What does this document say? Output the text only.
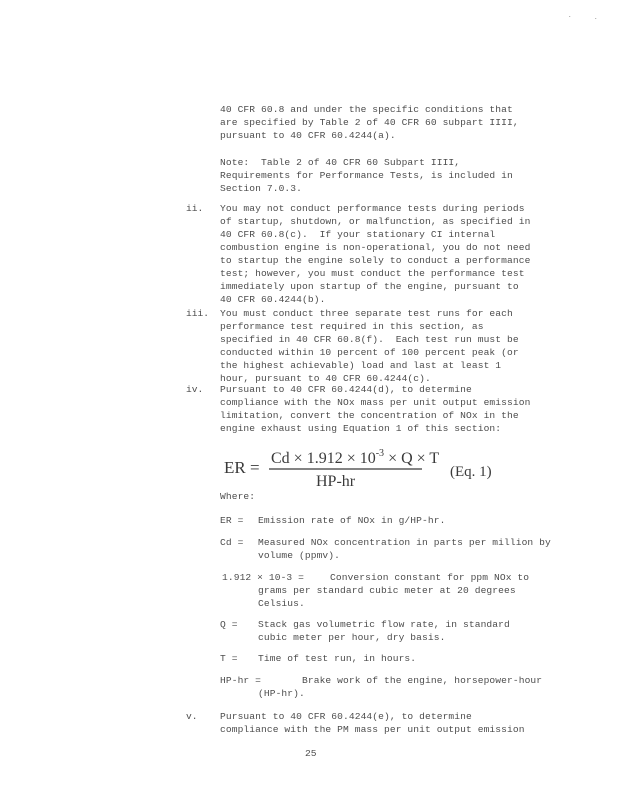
.	.
40 CFR 60.8 and under the specific conditions that
are specified by Table 2 of 40 CFR 60 subpart IIII,
pursuant to 40 CFR 60.4244(a).
Note:  Table 2 of 40 CFR 60 Subpart IIII,
Requirements for Performance Tests, is included in
Section 7.0.3.
ii. You may not conduct performance tests during periods
of startup, shutdown, or malfunction, as specified in
40 CFR 60.8(c).  If your stationary CI internal
combustion engine is non-operational, you do not need
to startup the engine solely to conduct a performance
test; however, you must conduct the performance test
immediately upon startup of the engine, pursuant to
40 CFR 60.4244(b).
iii. You must conduct three separate test runs for each
performance test required in this section, as
specified in 40 CFR 60.8(f).  Each test run must be
conducted within 10 percent of 100 percent peak (or
the highest achievable) load and last at least 1
hour, pursuant to 40 CFR 60.4244(c).
iv. Pursuant to 40 CFR 60.4244(d), to determine
compliance with the NOx mass per unit output emission
limitation, convert the concentration of NOx in the
engine exhaust using Equation 1 of this section:
ER = $Cd \times 1.912 \times 10^{-3} \times Q \times T$
HP-hr
(Eq. 1)
Where:
ER = Emission rate of NOx in g/HP-hr.
Cd = Measured NOx concentration in parts per million by
volume (ppmv).
1.912 × 10-3 =	Conversion constant for ppm NOx to
grams per standard cubic meter at 20 degrees
Celsius.
Q = Stack gas volumetric flow rate, in standard
cubic meter per hour, dry basis.
T = Time of test run, in hours.
HP-hr =	Brake work of the engine, horsepower-hour
(HP-hr).
v. Pursuant to 40 CFR 60.4244(e), to determine
compliance with the PM mass per unit output emission
25
